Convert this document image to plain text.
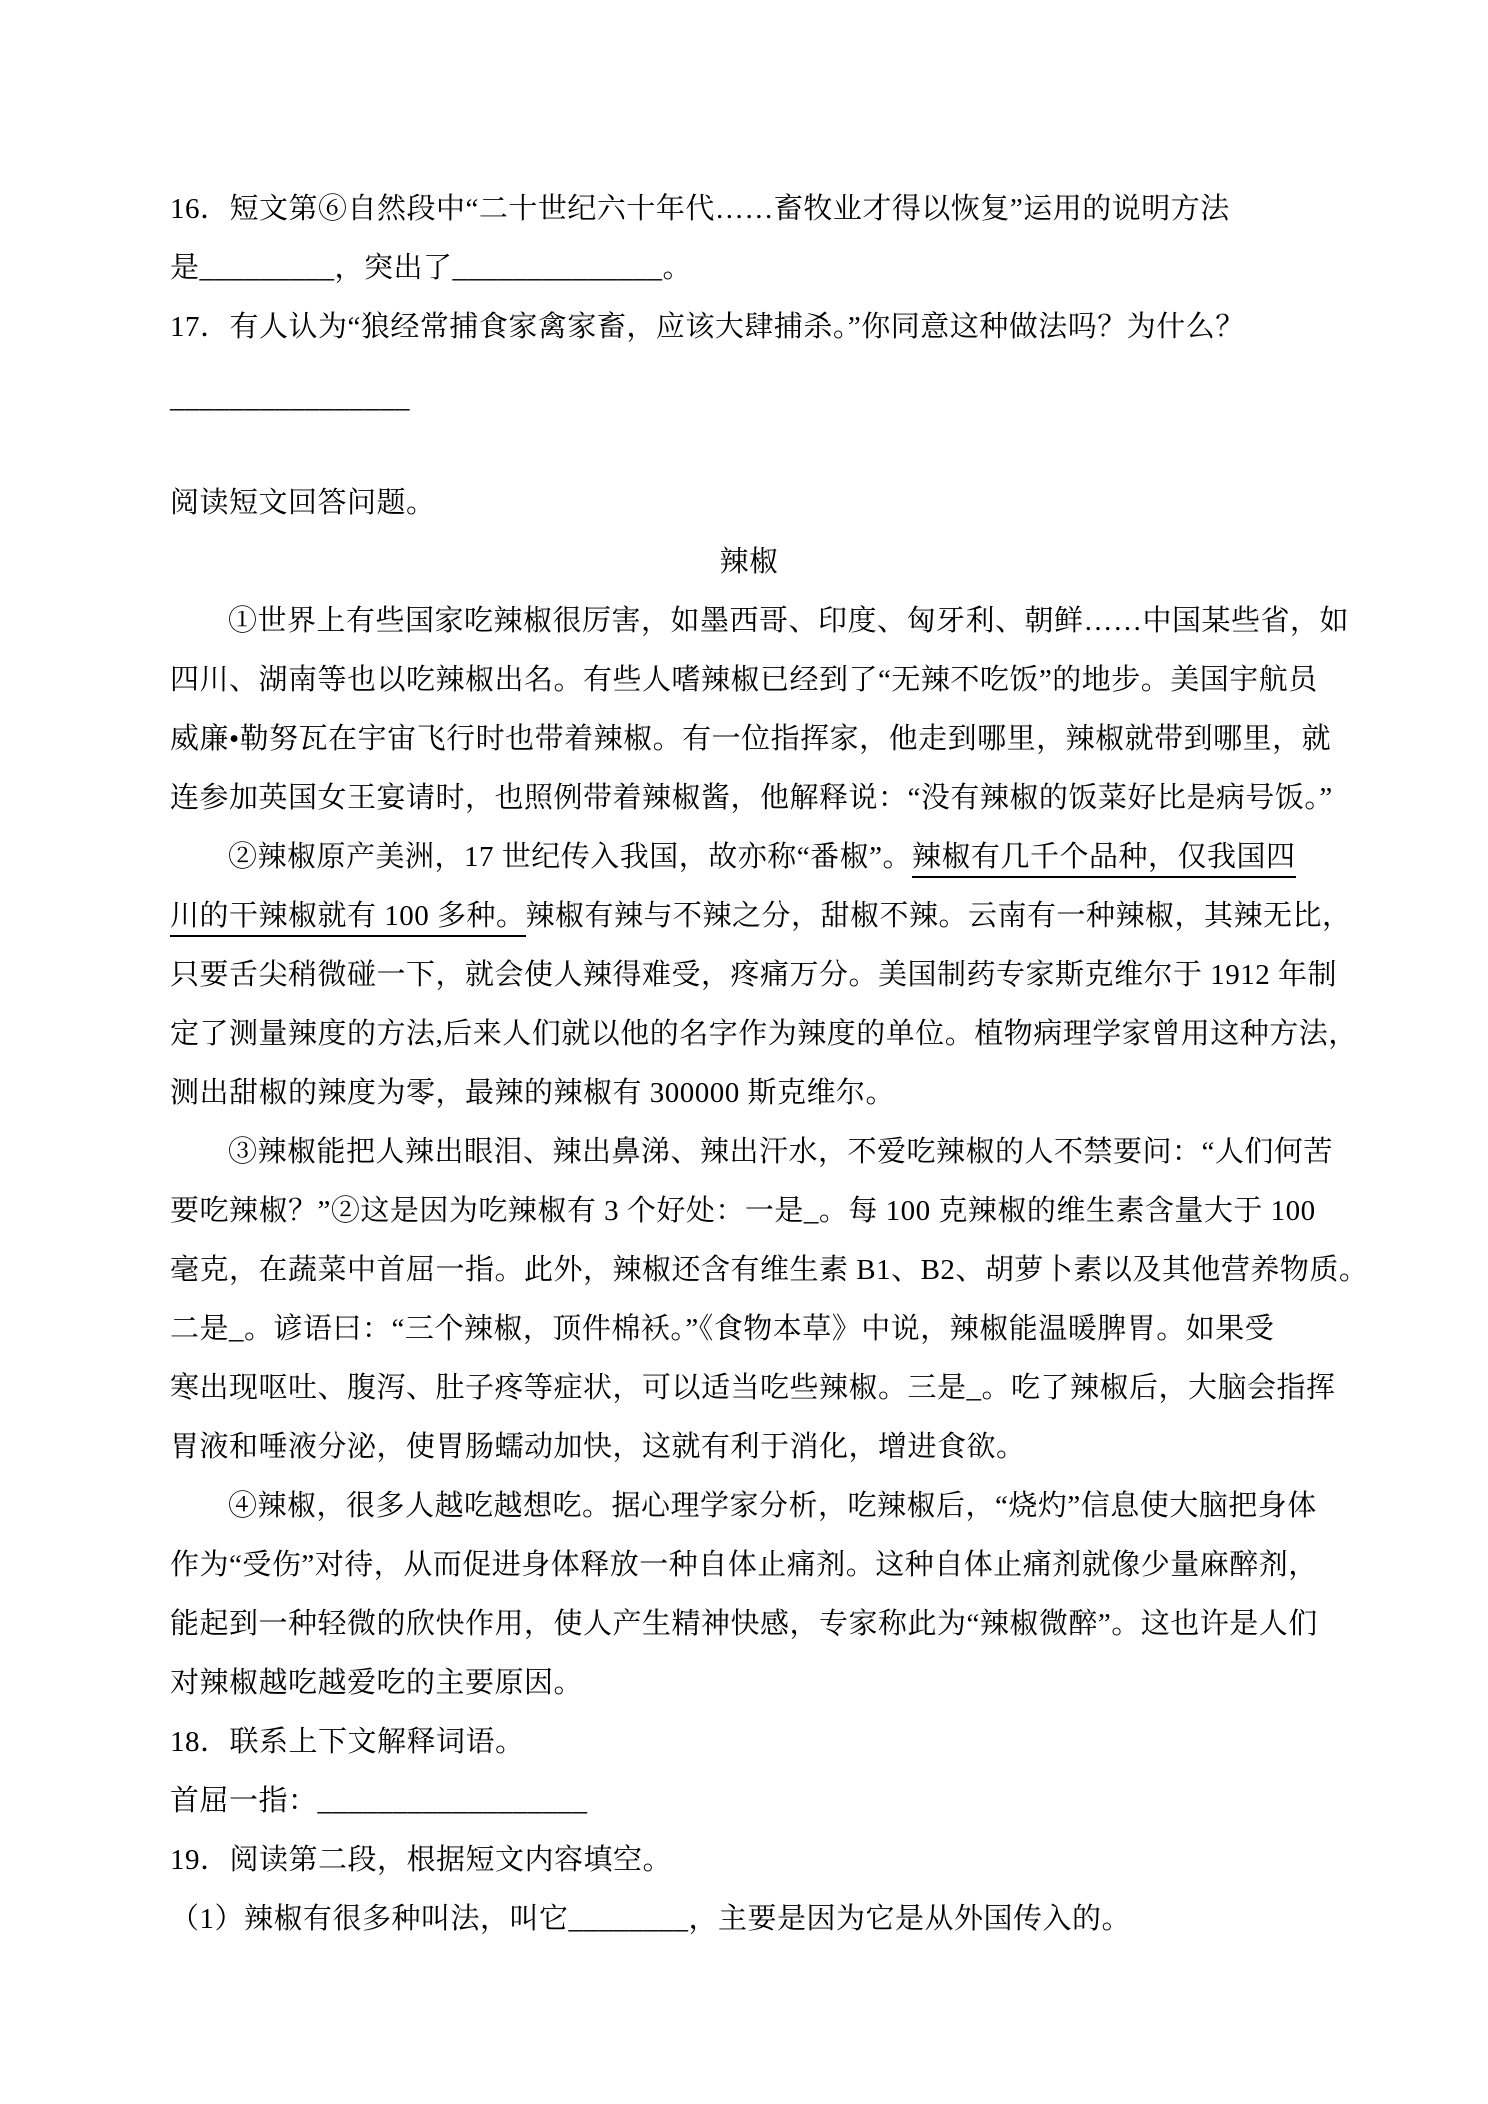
16．短文第⑥自然段中“二十世纪六十年代……畜牧业才得以恢复”运用的说明方法
是_________，突出了______________。
17．有人认为“狼经常捕食家禽家畜，应该大肆捕杀。”你同意这种做法吗？为什么？
________________
阅读短文回答问题。
辣椒
①世界上有些国家吃辣椒很厉害，如墨西哥、印度、匈牙利、朝鲜……中国某些省，如
四川、湖南等也以吃辣椒出名。有些人嗜辣椒已经到了“无辣不吃饭”的地步。美国宇航员
威廉•勒努瓦在宇宙飞行时也带着辣椒。有一位指挥家，他走到哪里，辣椒就带到哪里，就
连参加英国女王宴请时，也照例带着辣椒酱，他解释说：“没有辣椒的饭菜好比是病号饭。”
②辣椒原产美洲，17 世纪传入我国，故亦称“番椒”。辣椒有几千个品种，仅我国四
川的干辣椒就有 100 多种。辣椒有辣与不辣之分，甜椒不辣。云南有一种辣椒，其辣无比，
只要舌尖稍微碰一下，就会使人辣得难受，疼痛万分。美国制药专家斯克维尔于 1912 年制
定了测量辣度的方法,后来人们就以他的名字作为辣度的单位。植物病理学家曾用这种方法，
测出甜椒的辣度为零，最辣的辣椒有 300000 斯克维尔。
③辣椒能把人辣出眼泪、辣出鼻涕、辣出汗水，不爱吃辣椒的人不禁要问：“人们何苦
要吃辣椒？”②这是因为吃辣椒有 3 个好处：一是_。每 100 克辣椒的维生素含量大于 100
毫克，在蔬菜中首屈一指。此外，辣椒还含有维生素 B1、B2、胡萝卜素以及其他营养物质。
二是_。谚语曰：“三个辣椒，顶件棉袄。”《食物本草》中说，辣椒能温暖脾胃。如果受
寒出现呕吐、腹泻、肚子疼等症状，可以适当吃些辣椒。三是_。吃了辣椒后，大脑会指挥
胃液和唾液分泌，使胃肠蠕动加快，这就有利于消化，增进食欲。
④辣椒，很多人越吃越想吃。据心理学家分析，吃辣椒后，“烧灼”信息使大脑把身体
作为“受伤”对待，从而促进身体释放一种自体止痛剂。这种自体止痛剂就像少量麻醉剂，
能起到一种轻微的欣快作用，使人产生精神快感，专家称此为“辣椒微醉”。这也许是人们
对辣椒越吃越爱吃的主要原因。
18．联系上下文解释词语。
首屈一指：__________________
19．阅读第二段，根据短文内容填空。
（1）辣椒有很多种叫法，叫它________，主要是因为它是从外国传入的。
